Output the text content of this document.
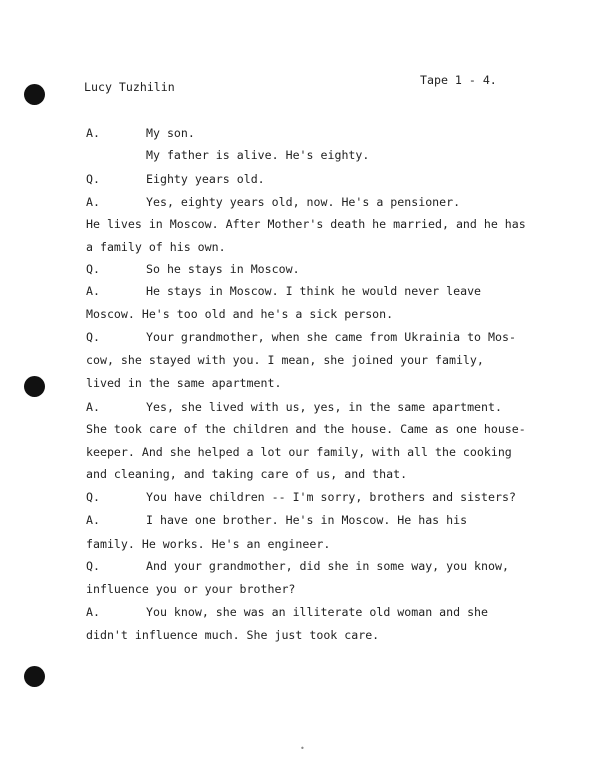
Lucy Tuzhilin	Tape 1 - 4.
A.	My son.
My father is alive. He's eighty.
Q.	Eighty years old.
A.	Yes, eighty years old, now. He's a pensioner.
He lives in Moscow. After Mother's death he married, and he has
a family of his own.
Q.	So he stays in Moscow.
A.	He stays in Moscow. I think he would never leave
Moscow. He's too old and he's a sick person.
Q.	Your grandmother, when she came from Ukrainia to Mos-
cow, she stayed with you. I mean, she joined your family,
lived in the same apartment.
A.	Yes, she lived with us, yes, in the same apartment.
She took care of the children and the house. Came as one house-
keeper. And she helped a lot our family, with all the cooking
and cleaning, and taking care of us, and that.
Q.	You have children -- I'm sorry, brothers and sisters?
A.	I have one brother. He's in Moscow. He has his
family. He works. He's an engineer.
Q.	And your grandmother, did she in some way, you know,
influence you or your brother?
A.	You know, she was an illiterate old woman and she
didn't influence much. She just took care.
•
